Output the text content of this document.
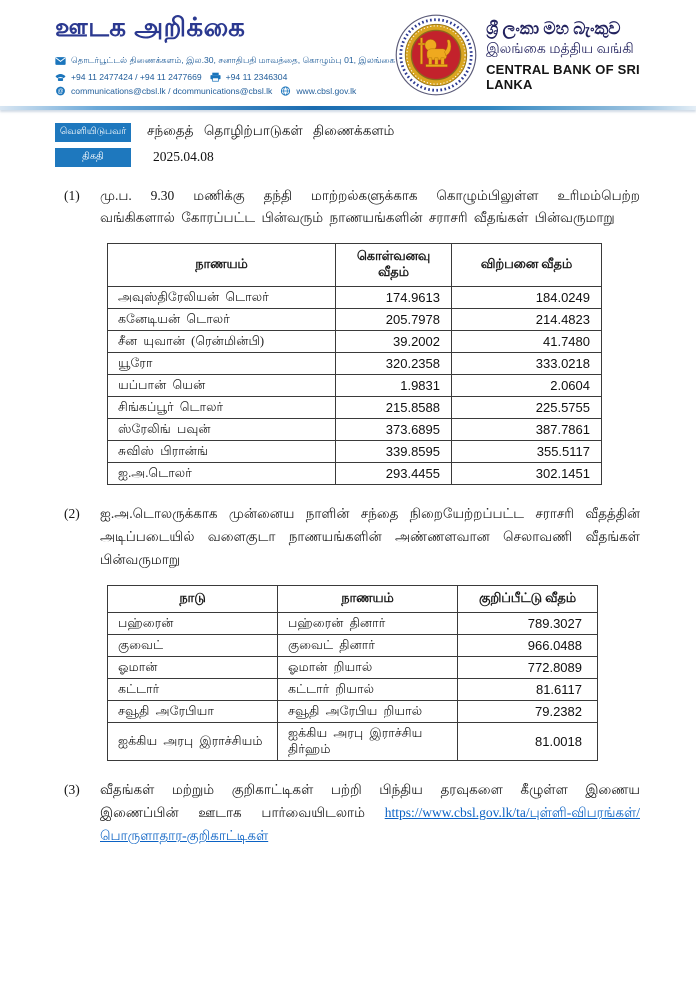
ஊடக அறிக்கை
தொடர்பூட்டல் திணைக்களம், இல.30, சனாதிபதி மாவத்தை, கொழும்பு 01, இலங்கை
+94 11 2477424 / +94 11 2477669	+94 11 2346304
@ communications@cbsl.lk / dcommunications@cbsl.lk	www.cbsl.gov.lk
ශ්‍රී ලංකා මහ බැංකුව
இலங்கை மத்திய வங்கி
CENTRAL BANK OF SRI LANKA
வெளியிடுபவர்	சந்தைத் தொழிற்பாடுகள் திணைக்களம்
திகதி	2025.04.08
(1)	மு.ப. 9.30 மணிக்கு தந்தி மாற்றல்களுக்காக கொழும்பிலுள்ள உரிமம்பெற்ற வங்கிகளால் கோரப்பட்ட பின்வரும் நாணயங்களின் சராசரி வீதங்கள் பின்வருமாறு
நாணயம்	கொள்வனவு வீதம்	விற்பனை வீதம்
அவுஸ்திரேலியன் டொலர்	174.9613	184.0249
கனேடியன் டொலர்	205.7978	214.4823
சீன யுவான் (ரென்மின்பி)	39.2002	41.7480
யூரோ	320.2358	333.0218
யப்பான் யென்	1.9831	2.0604
சிங்கப்பூர் டொலர்	215.8588	225.5755
ஸ்ரேலிங் பவுன்	373.6895	387.7861
சுவிஸ் பிரான்ங்	339.8595	355.5117
ஐ.அ.டொலர்	293.4455	302.1451
(2)	ஐ.அ.டொலருக்காக முன்னைய நாளின் சந்தை நிறையேற்றப்பட்ட சராசரி வீதத்தின் அடிப்படையில் வளைகுடா நாணயங்களின் அண்ணளவான செலாவணி வீதங்கள் பின்வருமாறு
நாடு	நாணயம்	குறிப்பீட்டு வீதம்
பஹ்ரைன்	பஹ்ரைன் தினார்	789.3027
குவைட்	குவைட் தினார்	966.0488
ஓமான்	ஓமான் றியால்	772.8089
கட்டார்	கட்டார் றியால்	81.6117
சவூதி அரேபியா	சவூதி அரேபிய றியால்	79.2382
ஐக்கிய அரபு இராச்சியம்	ஐக்கிய அரபு இராச்சிய திர்ஹம்	81.0018
(3)	வீதங்கள் மற்றும் குறிகாட்டிகள் பற்றி பிந்திய தரவுகளை கீழுள்ள இணைய இணைப்பின் ஊடாக பார்வையிடலாம் https://www.cbsl.gov.lk/ta/புள்ளி-விபரங்கள்/பொருளாதார-குறிகாட்டிகள்
